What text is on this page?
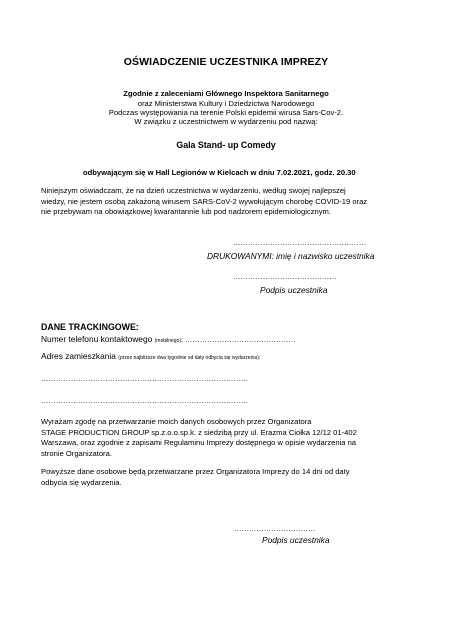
OŚWIADCZENIE UCZESTNIKA IMPREZY
Zgodnie z zaleceniami Głównego Inspektora Sanitarnego
oraz Ministerstwa Kultury i Dziedzictwa Narodowego
Podczas występowania na terenie Polski epidemii wirusa Sars-Cov-2.
W związku z uczestnictwem w wydarzeniu pod nazwą:
Gala Stand- up Comedy
odbywającym się w Hall Legionów w Kielcach w dniu 7.02.2021, godz. 20.30
Niniejszym oświadczam, że na dzień uczestnictwa w wydarzeniu, według swojej najlepszej
wiedzy, nie jestem osobą zakażoną wirusem SARS-CoV-2 wywołującym chorobę COVID-19 oraz
nie przebywam na obowiązkowej kwarantannie lub pod nadzorem epidemiologicznym.
………………………………………………
DRUKOWANYMI: imię i nazwisko uczestnika
……………………………………
Podpis uczestnika
DANE TRACKINGOWE:
Numer telefonu kontaktowego (mobilnego): ………………………………………
Adres zamieszkania (przez najbliższe dwa tygodnie od daty odbycia się wydarzenia):
…………………………………………………………………………
…………………………………………………………………………
Wyrażam zgodę na przetwarzanie moich danych osobowych przez Organizatora
STAGE PRODUCTION GROUP sp.z.o.o.sp.k. z siedzibą przy ul. Erazma Ciołka 12/12 01-402
Warszawa, oraz zgodnie z zapisami Regulaminu Imprezy dostępnego w opisie wydarzenia na
stronie Organizatora.
Powyższe dane osobowe będą przetwarzane przez Organizatora Imprezy do 14 dni od daty
odbycia się wydarzenia.
……………………………
Podpis uczestnika
